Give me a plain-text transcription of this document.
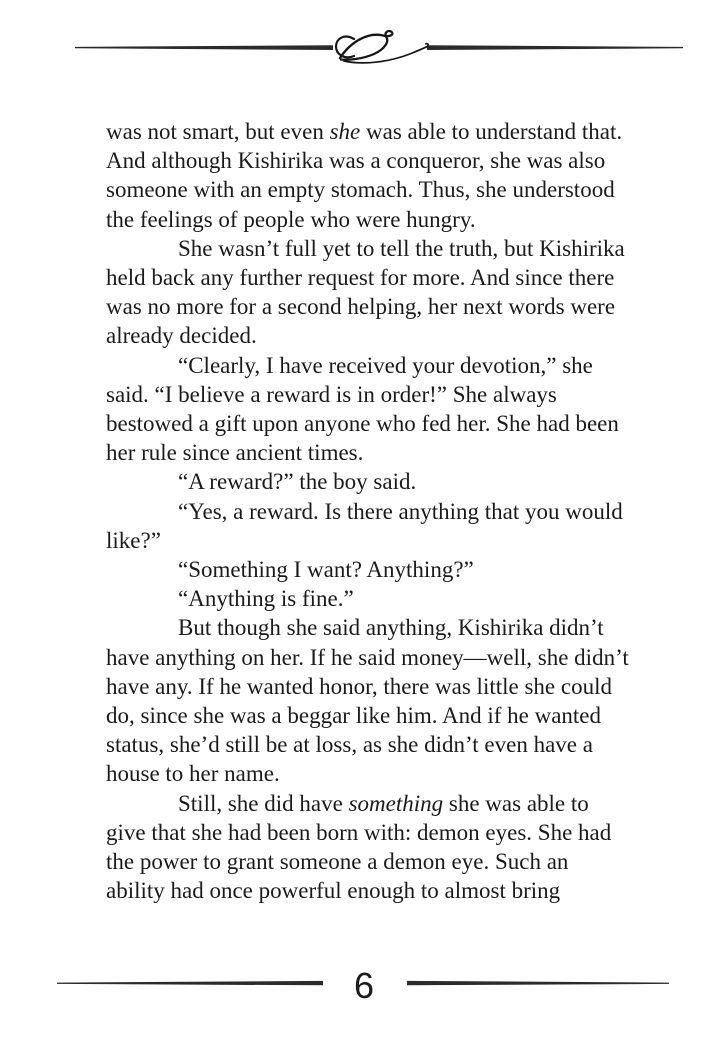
was not smart, but even she was able to understand that. And although Kishirika was a conqueror, she was also someone with an empty stomach. Thus, she understood the feelings of people who were hungry.

She wasn’t full yet to tell the truth, but Kishirika held back any further request for more. And since there was no more for a second helping, her next words were already decided.

“Clearly, I have received your devotion,” she said. “I believe a reward is in order!” She always bestowed a gift upon anyone who fed her. She had been her rule since ancient times.

“A reward?” the boy said.

“Yes, a reward. Is there anything that you would like?”

“Something I want? Anything?”

“Anything is fine.”

But though she said anything, Kishirika didn’t have anything on her. If he said money—well, she didn’t have any. If he wanted honor, there was little she could do, since she was a beggar like him. And if he wanted status, she’d still be at loss, as she didn’t even have a house to her name.

Still, she did have something she was able to give that she had been born with: demon eyes. She had the power to grant someone a demon eye. Such an ability had once powerful enough to almost bring

6
